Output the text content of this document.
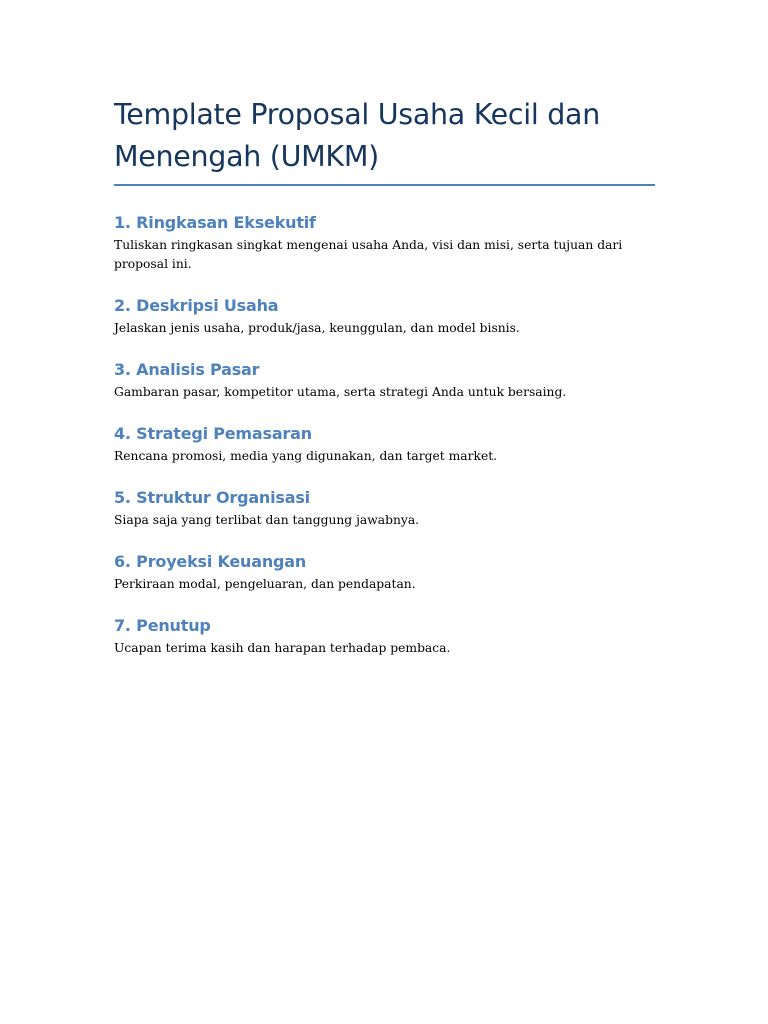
Template Proposal Usaha Kecil dan Menengah (UMKM)
1. Ringkasan Eksekutif

Tuliskan ringkasan singkat mengenai usaha Anda, visi dan misi, serta tujuan dari proposal ini.

2. Deskripsi Usaha

Jelaskan jenis usaha, produk/jasa, keunggulan, dan model bisnis.

3. Analisis Pasar

Gambaran pasar, kompetitor utama, serta strategi Anda untuk bersaing.

4. Strategi Pemasaran

Rencana promosi, media yang digunakan, dan target market.

5. Struktur Organisasi

Siapa saja yang terlibat dan tanggung jawabnya.

6. Proyeksi Keuangan

Perkiraan modal, pengeluaran, dan pendapatan.

7. Penutup

Ucapan terima kasih dan harapan terhadap pembaca.
